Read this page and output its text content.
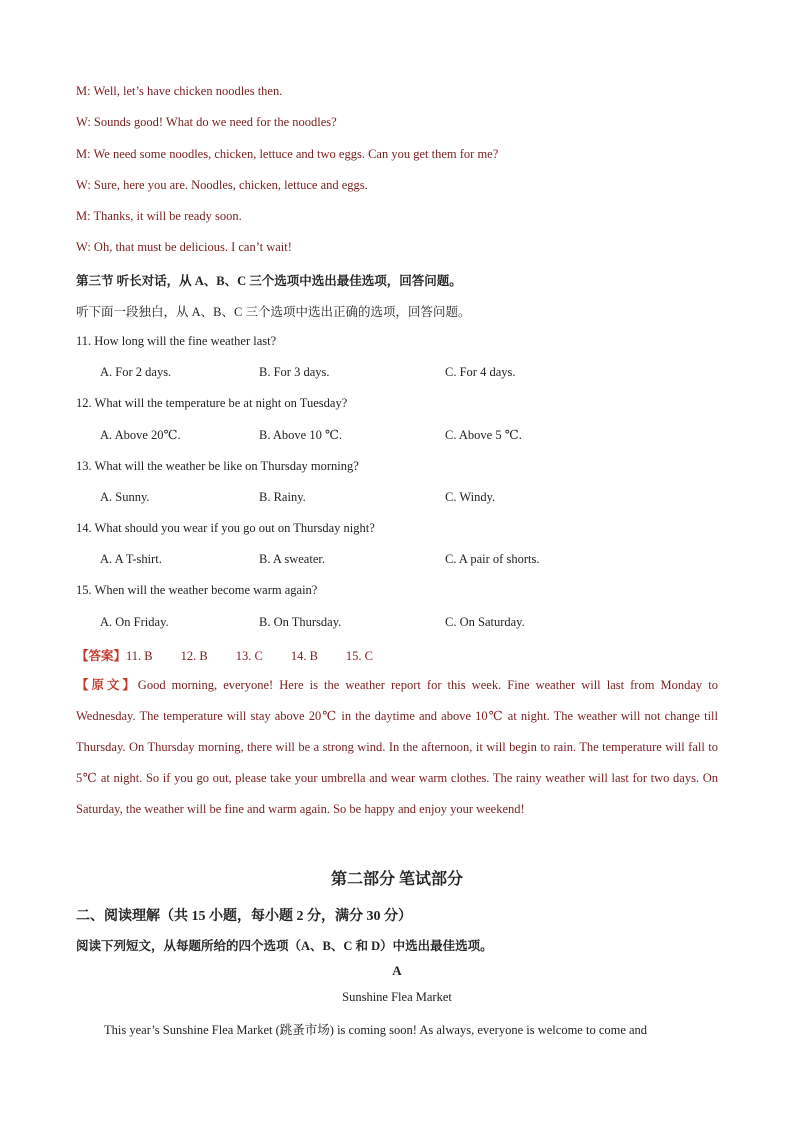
M: Well, let’s have chicken noodles then.
W: Sounds good! What do we need for the noodles?
M: We need some noodles, chicken, lettuce and two eggs. Can you get them for me?
W: Sure, here you are. Noodles, chicken, lettuce and eggs.
M: Thanks, it will be ready soon.
W: Oh, that must be delicious. I can’t wait!
第三节 听长对话，从 A、B、C 三个选项中选出最佳选项，回答问题。
听下面一段独白，从 A、B、C 三个选项中选出正确的选项，回答问题。
11. How long will the fine weather last?
A. For 2 days.	B. For 3 days.	C. For 4 days.
12. What will the temperature be at night on Tuesday?
A. Above 20℃.	B. Above 10 ℃.	C. Above 5 ℃.
13. What will the weather be like on Thursday morning?
A. Sunny.	B. Rainy.	C. Windy.
14. What should you wear if you go out on Thursday night?
A. A T-shirt.	B. A sweater.	C. A pair of shorts.
15. When will the weather become warm again?
A. On Friday.	B. On Thursday.	C. On Saturday.
【答案】11. B 12. B 13. C 14. B 15. C
【原文】Good morning, everyone! Here is the weather report for this week. Fine weather will last from Monday to Wednesday. The temperature will stay above 20℃ in the daytime and above 10℃ at night. The weather will not change till Thursday. On Thursday morning, there will be a strong wind. In the afternoon, it will begin to rain. The temperature will fall to 5℃ at night. So if you go out, please take your umbrella and wear warm clothes. The rainy weather will last for two days. On Saturday, the weather will be fine and warm again. So be happy and enjoy your weekend!
第二部分 笔试部分
二、阅读理解（共 15 小题，每小题 2 分，满分 30 分）
阅读下列短文，从每题所给的四个选项（A、B、C 和 D）中选出最佳选项。
A
Sunshine Flea Market
This year’s Sunshine Flea Market (跳蚤市场) is coming soon! As always, everyone is welcome to come and
